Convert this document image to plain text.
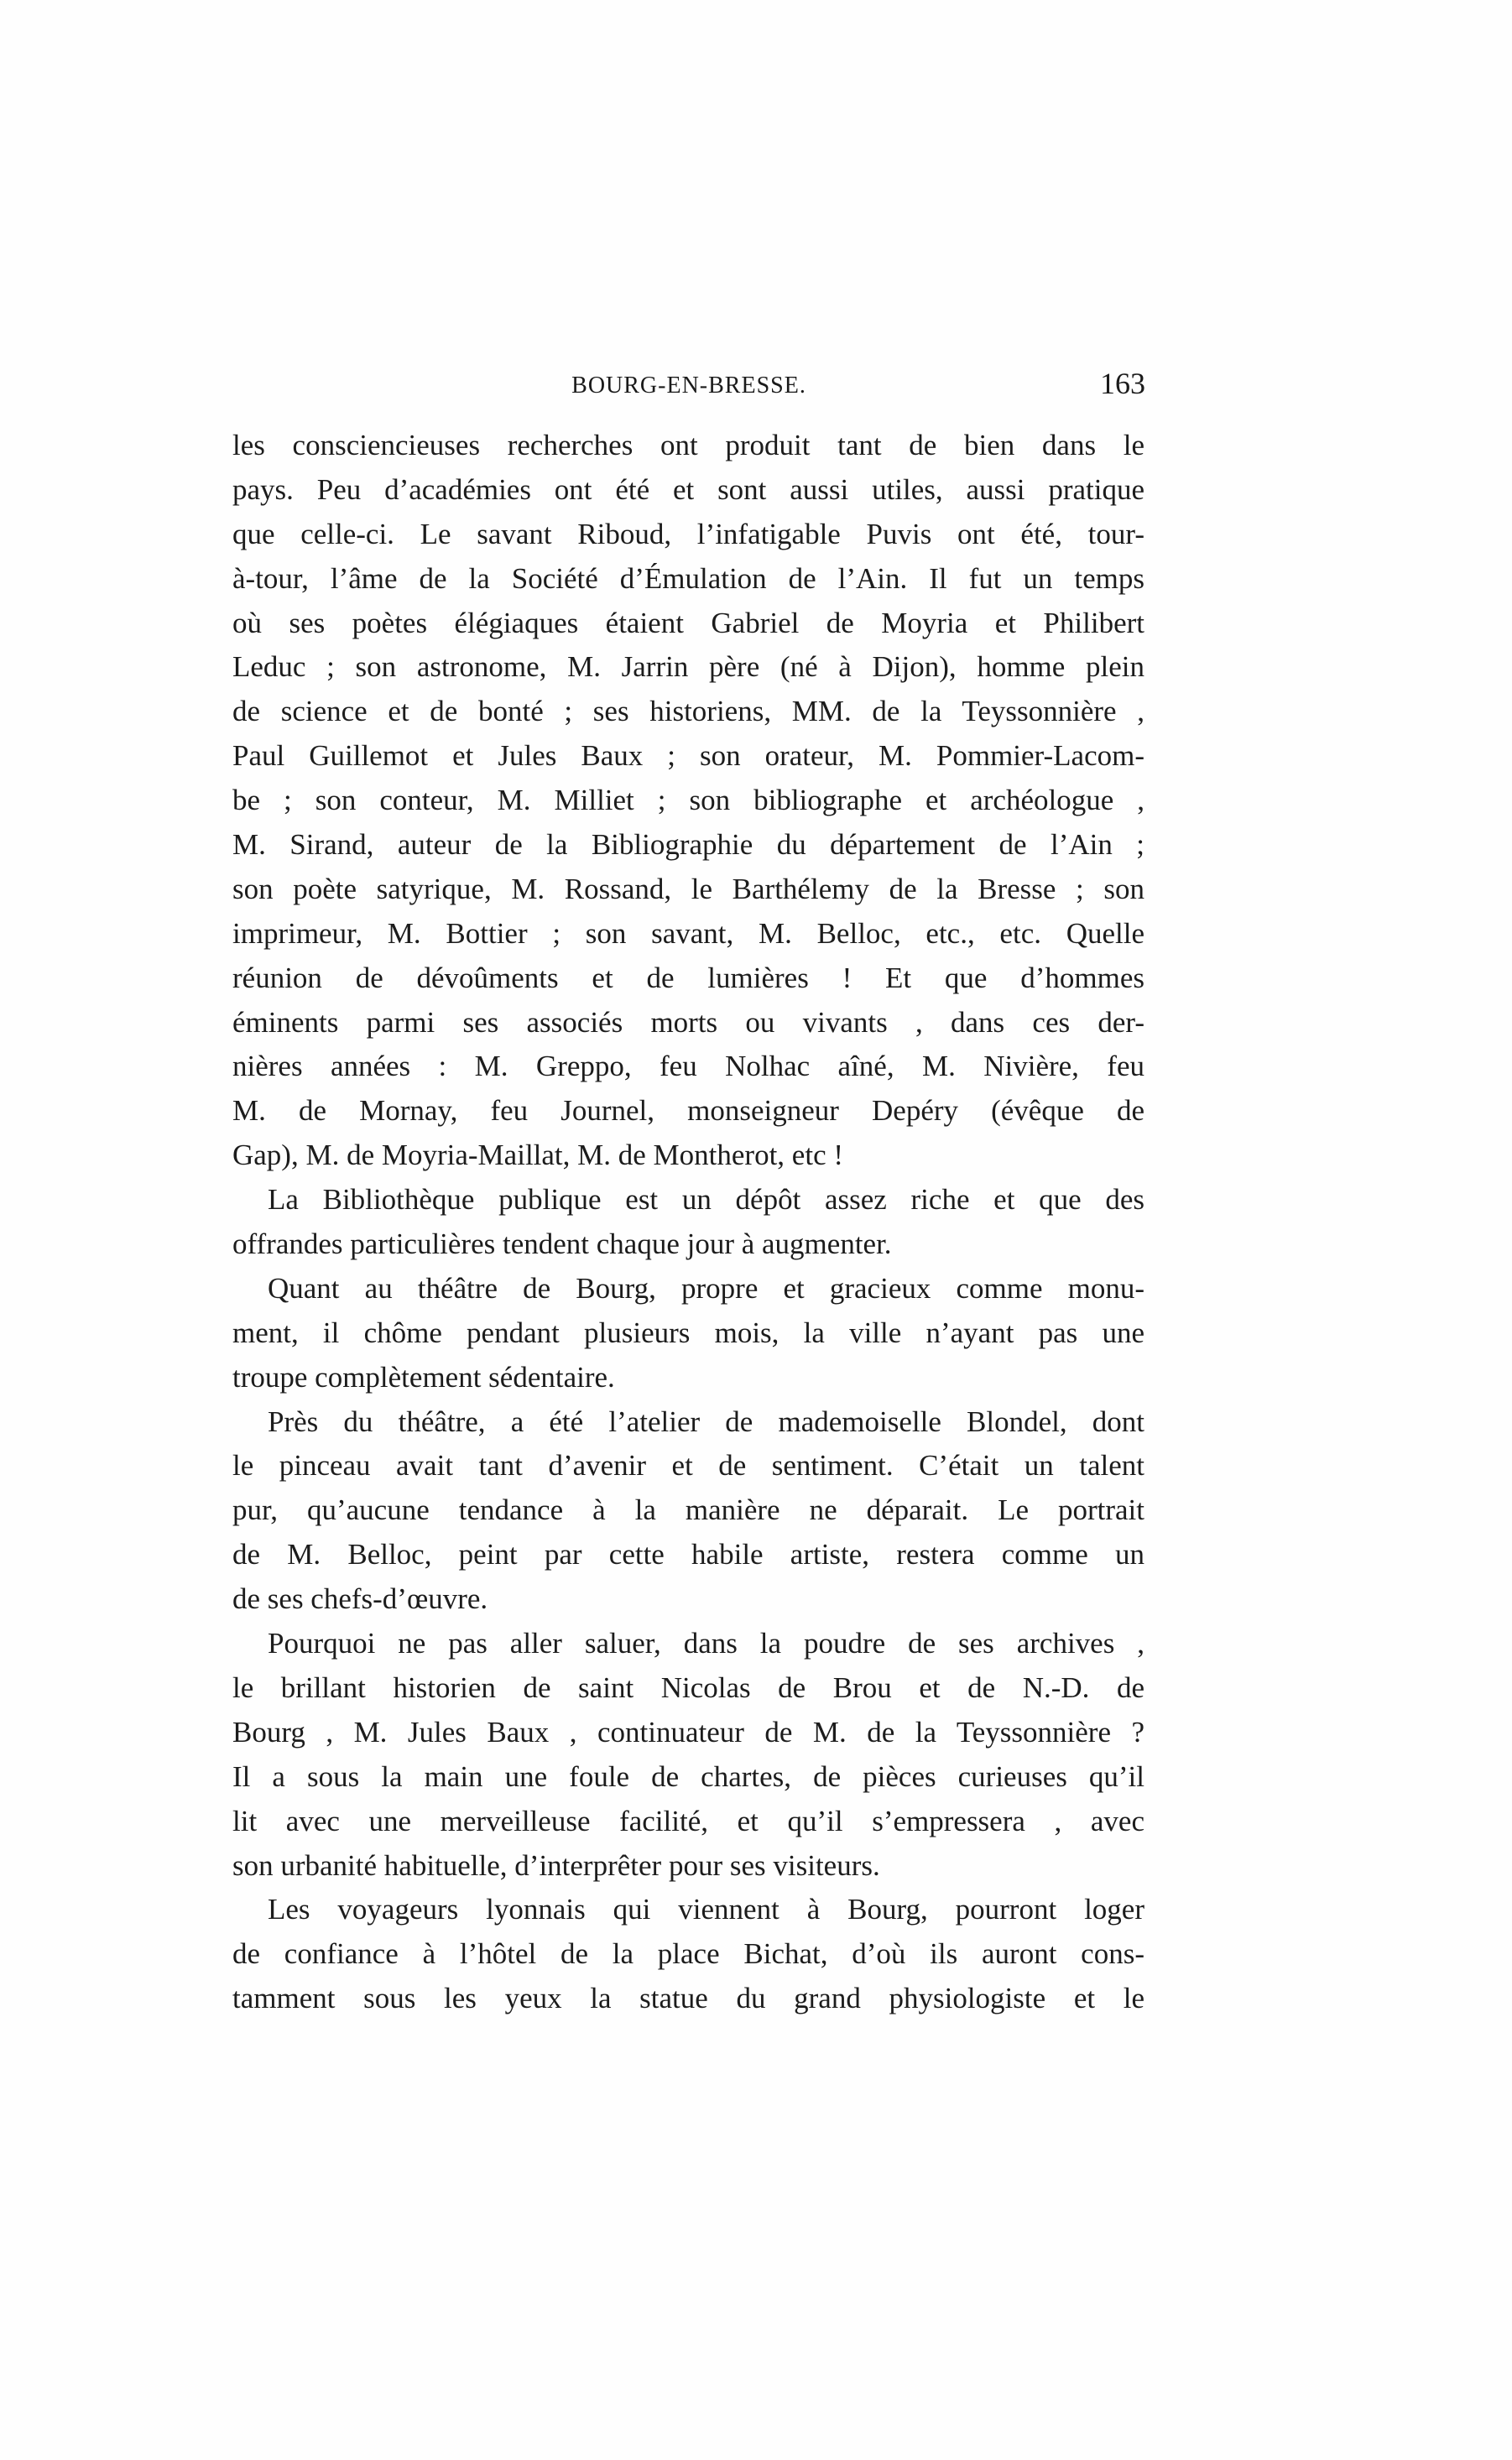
BOURG-EN-BRESSE.	163
les consciencieuses recherches ont produit tant de bien dans le
pays. Peu d’académies ont été et sont aussi utiles, aussi pratique
que celle-ci. Le savant Riboud, l’infatigable Puvis ont été, tour-
à-tour, l’âme de la Société d’Émulation de l’Ain. Il fut un temps
où ses poètes élégiaques étaient Gabriel de Moyria et Philibert
Leduc ; son astronome, M. Jarrin père (né à Dijon), homme plein
de science et de bonté ; ses historiens, MM. de la Teyssonnière ,
Paul Guillemot et Jules Baux ; son orateur, M. Pommier-Lacom-
be ; son conteur, M. Milliet ; son bibliographe et archéologue ,
M. Sirand, auteur de la Bibliographie du département de l’Ain ;
son poète satyrique, M. Rossand, le Barthélemy de la Bresse ; son
imprimeur, M. Bottier ; son savant, M. Belloc, etc., etc. Quelle
réunion de dévoûments et de lumières ! Et que d’hommes
éminents parmi ses associés morts ou vivants , dans ces der-
nières années : M. Greppo, feu Nolhac aîné, M. Nivière, feu
M. de Mornay, feu Journel, monseigneur Depéry (évêque de
Gap), M. de Moyria-Maillat, M. de Montherot, etc !
La Bibliothèque publique est un dépôt assez riche et que des
offrandes particulières tendent chaque jour à augmenter.
Quant au théâtre de Bourg, propre et gracieux comme monu-
ment, il chôme pendant plusieurs mois, la ville n’ayant pas une
troupe complètement sédentaire.
Près du théâtre, a été l’atelier de mademoiselle Blondel, dont
le pinceau avait tant d’avenir et de sentiment. C’était un talent
pur, qu’aucune tendance à la manière ne déparait. Le portrait
de M. Belloc, peint par cette habile artiste, restera comme un
de ses chefs-d’œuvre.
Pourquoi ne pas aller saluer, dans la poudre de ses archives ,
le brillant historien de saint Nicolas de Brou et de N.-D. de
Bourg , M. Jules Baux , continuateur de M. de la Teyssonnière ?
Il a sous la main une foule de chartes, de pièces curieuses qu’il
lit avec une merveilleuse facilité, et qu’il s’empressera , avec
son urbanité habituelle, d’interprêter pour ses visiteurs.
Les voyageurs lyonnais qui viennent à Bourg, pourront loger
de confiance à l’hôtel de la place Bichat, d’où ils auront cons-
tamment sous les yeux la statue du grand physiologiste et le
